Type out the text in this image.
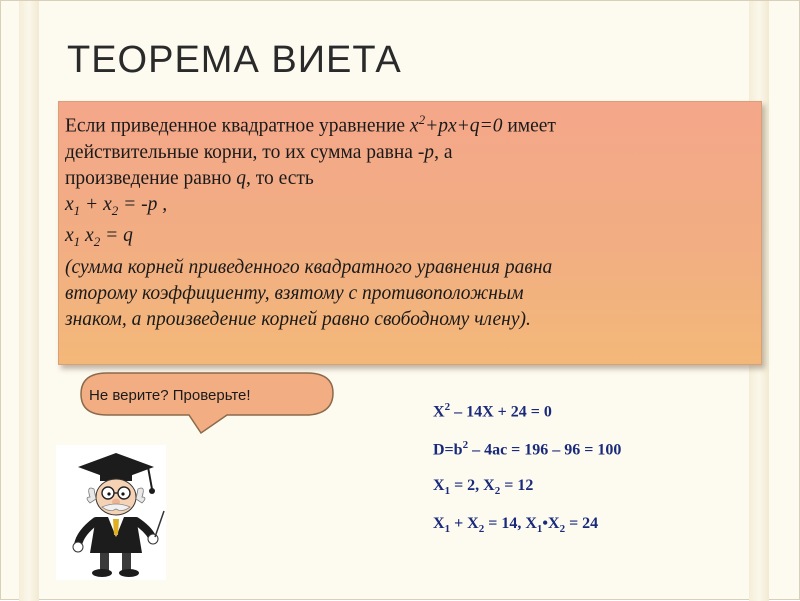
ТЕОРЕМА ВИЕТА
Если приведенное квадратное уравнение $x^2+px+q=0$ имеет
действительные корни, то их сумма равна -p, а
произведение равно q, то есть
$x_1 + x_2 = -p$ ,
$x_1$ $x_2 = q$
(сумма корней приведенного квадратного уравнения равна
второму коэффициенту, взятому с противоположным
знаком, а произведение корней равно свободному члену).
Не верите? Проверьте!
$X^2 - 14X + 24 = 0$
$D=b^2 - 4ac = 196 - 96 = 100$
$X_1 = 2$, $X_2 = 12$
$X_1 + X_2 = 14$, $X_1•X_2 = 24$
